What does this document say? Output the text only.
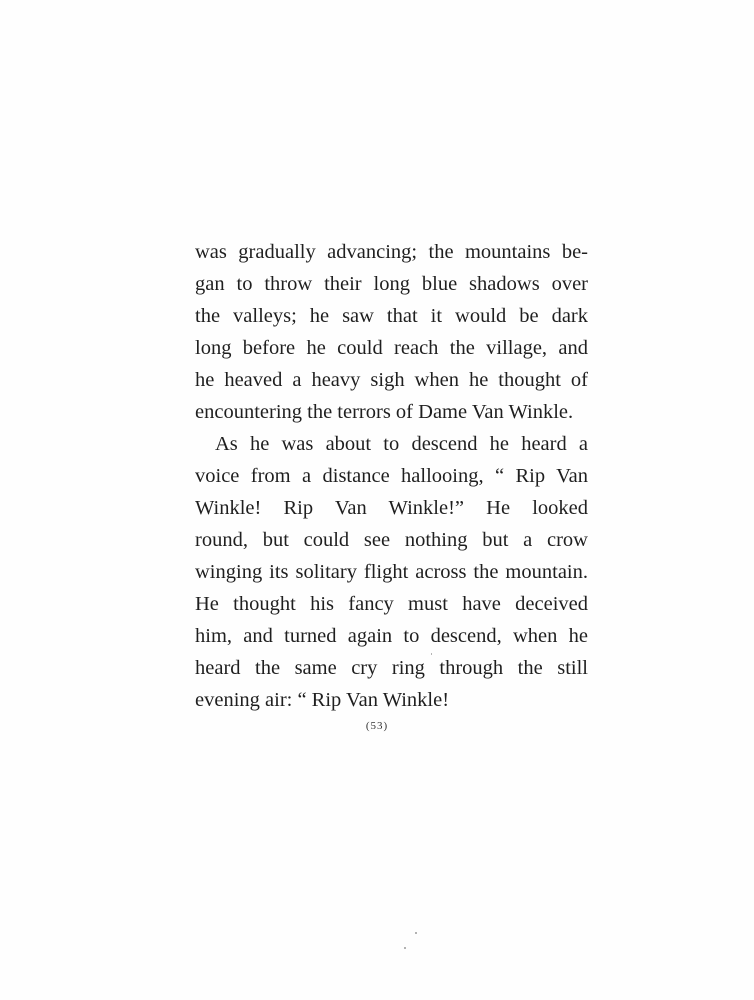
was gradually advancing; the mountains be-
gan to throw their long blue shadows over
the valleys; he saw that it would be dark
long before he could reach the village, and
he heaved a heavy sigh when he thought of
encountering the terrors of Dame Van Winkle.
As he was about to descend he heard a
voice from a distance hallooing, “ Rip Van
Winkle! Rip Van Winkle!” He looked
round, but could see nothing but a crow
winging its solitary flight across the mountain.
He thought his fancy must have deceived
him, and turned again to descend, when he
heard the same cry ring through the still
evening air: “ Rip Van Winkle!
(53)
